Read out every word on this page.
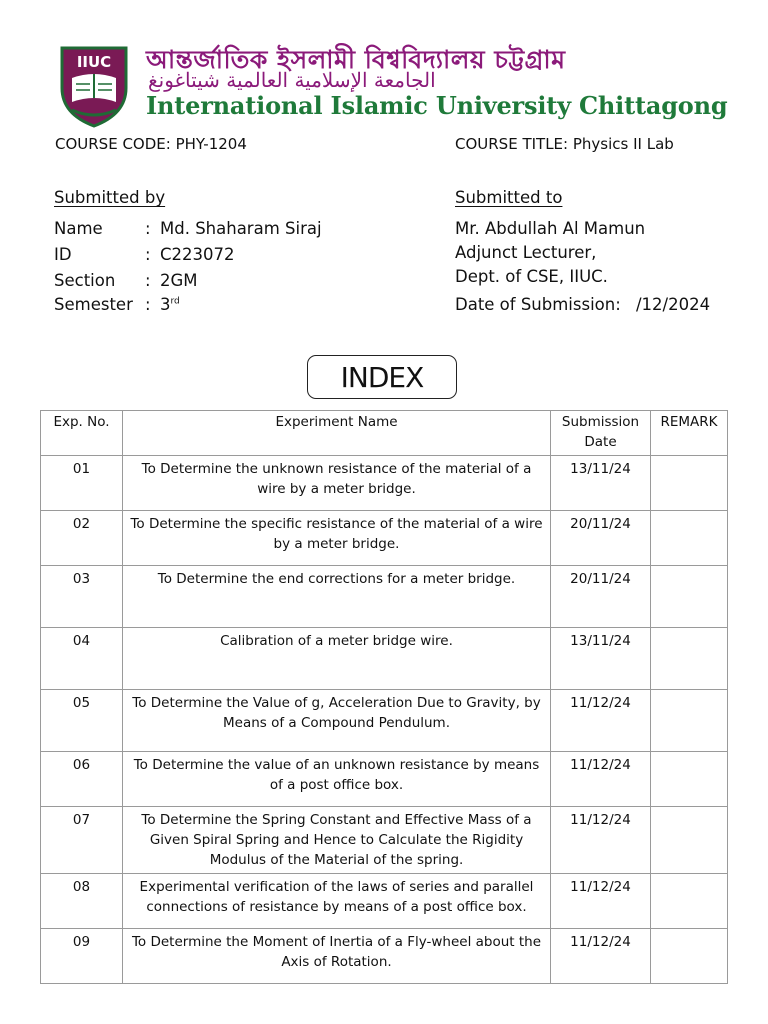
IIUC আন্তর্জাতিক ইসলামী বিশ্ববিদ্যালয় চট্টগ্রাম
الجامعة الإسلامية العالمية شيتاغونغ
International Islamic University Chittagong
COURSE CODE: PHY-1204	COURSE TITLE: Physics II Lab
Submitted by
Name	: Md. Shaharam Siraj
ID	: C223072
Section : 2GM
Semester : 3rd
Submitted to
Mr. Abdullah Al Mamun
Adjunct Lecturer,
Dept. of CSE, IIUC.
Date of Submission: /12/2024
INDEX
Exp. No.	Experiment Name	Submission Date	REMARK
01	To Determine the unknown resistance of the material of a wire by a meter bridge.	13/11/24	
02	To Determine the specific resistance of the material of a wire by a meter bridge.	20/11/24	
03	To Determine the end corrections for a meter bridge.	20/11/24	
04	Calibration of a meter bridge wire.	13/11/24	
05	To Determine the Value of g, Acceleration Due to Gravity, by Means of a Compound Pendulum.	11/12/24	
06	To Determine the value of an unknown resistance by means of a post office box.	11/12/24	
07	To Determine the Spring Constant and Effective Mass of a Given Spiral Spring and Hence to Calculate the Rigidity Modulus of the Material of the spring.	11/12/24	
08	Experimental verification of the laws of series and parallel connections of resistance by means of a post office box.	11/12/24	
09	To Determine the Moment of Inertia of a Fly-wheel about the Axis of Rotation.	11/12/24	
